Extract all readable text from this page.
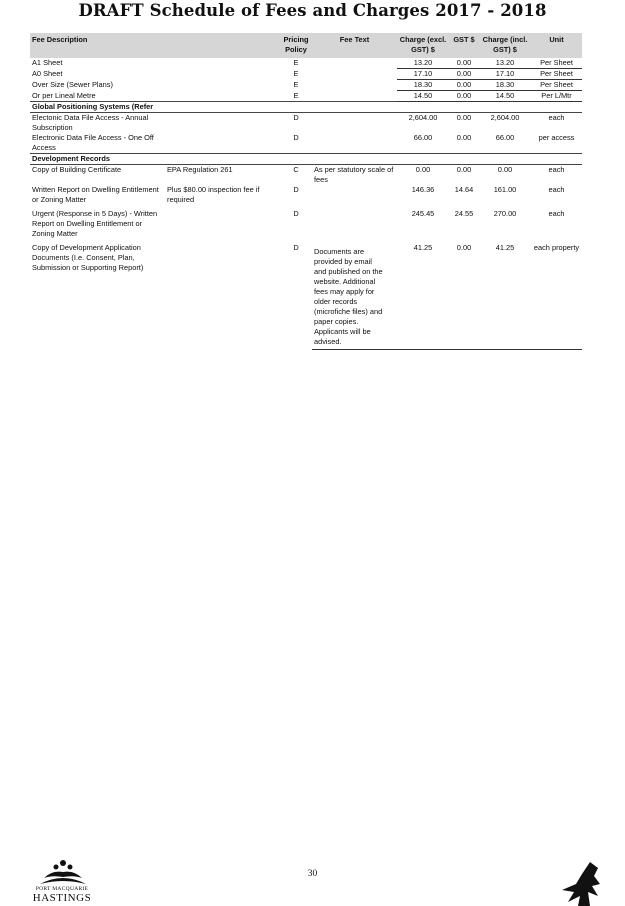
DRAFT Schedule of Fees and Charges 2017 - 2018
Fee Description		Pricing Policy	Fee Text	Charge (excl. GST) $	GST $	Charge (incl. GST) $	Unit
A1 Sheet		E		13.20	0.00	13.20	Per Sheet
A0 Sheet		E		17.10	0.00	17.10	Per Sheet
Over Size (Sewer Plans)		E		18.30	0.00	18.30	Per Sheet
Or per Lineal Metre		E		14.50	0.00	14.50	Per L/Mtr
Global Positioning Systems (Refer							
Electonic Data File Access - Annual Subscription		D		2,604.00	0.00	2,604.00	each
Electronic Data File Access - One Off Access		D		66.00	0.00	66.00	per access
Development Records							
Copy of Building Certificate	EPA Regulation 261	C	As per statutory scale of fees	0.00	0.00	0.00	each
Written Report on Dwelling Entitlement or Zoning Matter	Plus $80.00 inspection fee if required	D		146.36	14.64	161.00	each
Urgent (Response in 5 Days) - Written Report on Dwelling Entitlement or Zoning Matter		D		245.45	24.55	270.00	each
Copy of Development Application Documents (I.e. Consent, Plan, Submission or Supporting Report)		D	Documents are provided by email and published on the website. Additional fees may apply for older records (microfiche files) and paper copies. Applicants will be advised.	41.25	0.00	41.25	each property
PORT MACQUARIE
HASTINGS
30
